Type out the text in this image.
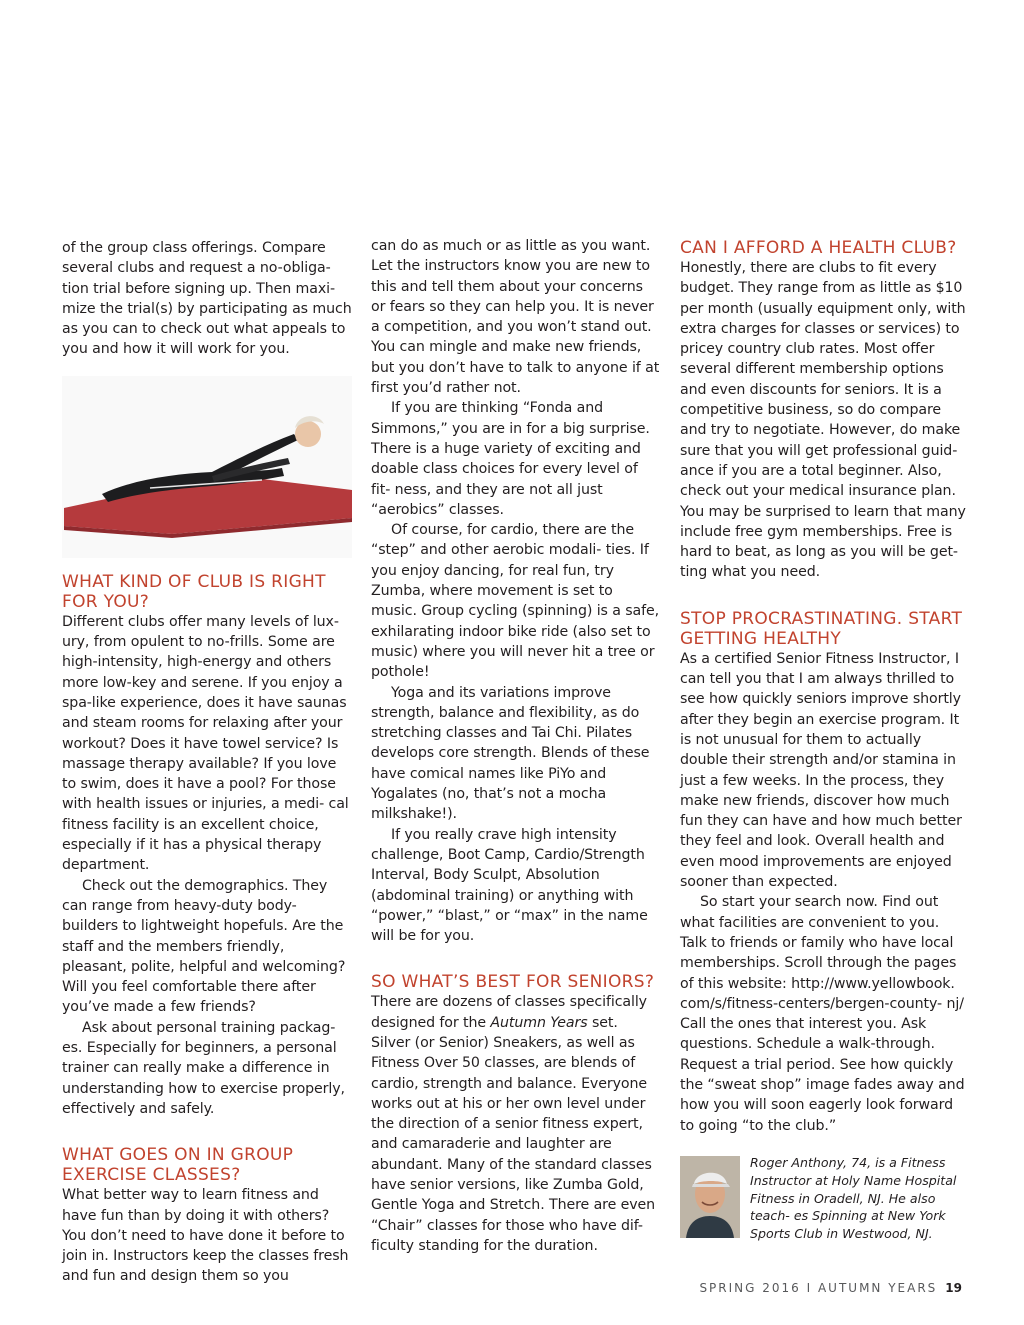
of the group class offerings. Compare several clubs and request a no-obliga- tion trial before signing up. Then maxi- mize the trial(s) by participating as much as you can to check out what appeals to you and how it will work for you.

WHAT KIND OF CLUB IS RIGHT FOR YOU?

Different clubs offer many levels of lux- ury, from opulent to no-frills. Some are high-intensity, high-energy and others more low-key and serene. If you enjoy a spa-like experience, does it have saunas and steam rooms for relaxing after your workout? Does it have towel service? Is massage therapy available? If you love to swim, does it have a pool? For those with health issues or injuries, a medi- cal fitness facility is an excellent choice, especially if it has a physical therapy department.

Check out the demographics. They can range from heavy-duty body- builders to lightweight hopefuls. Are the staff and the members friendly, pleasant, polite, helpful and welcoming? Will you feel comfortable there after you’ve made a few friends?

Ask about personal training packag- es. Especially for beginners, a personal trainer can really make a difference in understanding how to exercise properly, effectively and safely.

WHAT GOES ON IN GROUP EXERCISE CLASSES?

What better way to learn fitness and have fun than by doing it with others? You don’t need to have done it before to join in. Instructors keep the classes fresh and fun and design them so you

can do as much or as little as you want. Let the instructors know you are new to this and tell them about your concerns or fears so they can help you. It is never a competition, and you won’t stand out. You can mingle and make new friends, but you don’t have to talk to anyone if at first you’d rather not.

If you are thinking “Fonda and Simmons,” you are in for a big surprise. There is a huge variety of exciting and doable class choices for every level of fit- ness, and they are not all just “aerobics” classes.

Of course, for cardio, there are the “step” and other aerobic modali- ties. If you enjoy dancing, for real fun, try Zumba, where movement is set to music. Group cycling (spinning) is a safe, exhilarating indoor bike ride (also set to music) where you will never hit a tree or pothole!

Yoga and its variations improve strength, balance and flexibility, as do stretching classes and Tai Chi. Pilates develops core strength. Blends of these have comical names like PiYo and Yogalates (no, that’s not a mocha milkshake!).

If you really crave high intensity challenge, Boot Camp, Cardio/Strength Interval, Body Sculpt, Absolution (abdominal training) or anything with “power,” “blast,” or “max” in the name will be for you.

SO WHAT’S BEST FOR SENIORS?

There are dozens of classes specifically designed for the Autumn Years set. Silver (or Senior) Sneakers, as well as Fitness Over 50 classes, are blends of cardio, strength and balance. Everyone works out at his or her own level under the direction of a senior fitness expert, and camaraderie and laughter are abundant. Many of the standard classes have senior versions, like Zumba Gold, Gentle Yoga and Stretch. There are even “Chair” classes for those who have dif- ficulty standing for the duration.

CAN I AFFORD A HEALTH CLUB?

Honestly, there are clubs to fit every budget. They range from as little as $10 per month (usually equipment only, with extra charges for classes or services) to pricey country club rates. Most offer several different membership options and even discounts for seniors. It is a competitive business, so do compare and try to negotiate. However, do make sure that you will get professional guid- ance if you are a total beginner. Also, check out your medical insurance plan. You may be surprised to learn that many include free gym memberships. Free is hard to beat, as long as you will be get- ting what you need.

STOP PROCRASTINATING. START GETTING HEALTHY

As a certified Senior Fitness Instructor, I can tell you that I am always thrilled to see how quickly seniors improve shortly after they begin an exercise program. It is not unusual for them to actually double their strength and/or stamina in just a few weeks. In the process, they make new friends, discover how much fun they can have and how much better they feel and look. Overall health and even mood improvements are enjoyed sooner than expected.

So start your search now. Find out what facilities are convenient to you. Talk to friends or family who have local memberships. Scroll through the pages of this website: http://www.yellowbook. com/s/fitness-centers/bergen-county- nj/ Call the ones that interest you. Ask questions. Schedule a walk-through. Request a trial period. See how quickly the “sweat shop” image fades away and how you will soon eagerly look forward to going “to the club.”

Roger Anthony, 74, is a Fitness Instructor at Holy Name Hospital Fitness in Oradell, NJ. He also teach- es Spinning at New York Sports Club in Westwood, NJ.
SPRING 2016 I AUTUMN YEARS 19
